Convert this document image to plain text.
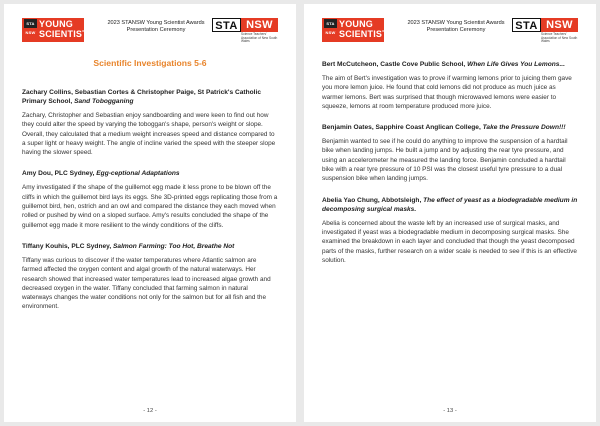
STA NSW
YOUNG
SCIENTIST
2023 STANSW Young Scientist Awards
Presentation Ceremony	STA NSW
Science Teachers' Association of New South Wales
Scientific Investigations 5-6
Zachary Collins, Sebastian Cortes & Christopher Paige, St Patrick's Catholic Primary School, Sand Tobogganing

Zachary, Christopher and Sebastian enjoy sandboarding and were keen to find out how they could alter the speed by varying the toboggan's shape, person's weight or slope. Overall, they calculated that a medium weight increases speed and distance compared to a super light or heavy weight. The angle of incline varied the speed with the steeper slope having the slower speed.

Amy Dou, PLC Sydney, Egg-ceptional Adaptations

Amy investigated if the shape of the guillemot egg made it less prone to be blown off the cliffs in which the guillemot bird lays its eggs. She 3D-printed eggs replicating those from a guillemot bird, hen, ostrich and an owl and compared the distance they each moved when rolled or pushed by wind on a sloped surface. Amy's results concluded the shape of the guillemot egg made it more resilient to the windy conditions of the cliffs.

Tiffany Kouhis, PLC Sydney, Salmon Farming: Too Hot, Breathe Not

Tiffany was curious to discover if the water temperatures where Atlantic salmon are farmed affected the oxygen content and algal growth of the natural waterways. Her research showed that increased water temperatures lead to increased algae growth and decreased oxygen in the water. Tiffany concluded that farming salmon in natural waterways changes the water conditions not only for the salmon but for all fish and the environment.

- 12 -
STA NSW
YOUNG
SCIENTIST
2023 STANSW Young Scientist Awards
Presentation Ceremony	STA NSW
Science Teachers' Association of New South Wales
Bert McCutcheon, Castle Cove Public School, When Life Gives You Lemons...

The aim of Bert's investigation was to prove if warming lemons prior to juicing them gave you more lemon juice. He found that cold lemons did not produce as much juice as warmer lemons. Bert was surprised that though microwaved lemons were easier to squeeze, lemons at room temperature produced more juice.

Benjamin Oates, Sapphire Coast Anglican College, Take the Pressure Down!!!

Benjamin wanted to see if he could do anything to improve the suspension of a hardtail bike when landing jumps. He built a jump and by adjusting the rear tyre pressure, and using an accelerometer he measured the landing force. Benjamin concluded a hardtail bike with a rear tyre pressure of 10 PSI was the closest useful tyre pressure to a dual suspension bike when landing jumps.

Abelia Yao Chung, Abbotsleigh, The effect of yeast as a biodegradable medium in decomposing surgical masks.

Abelia is concerned about the waste left by an increased use of surgical masks, and investigated if yeast was a biodegradable medium in decomposing surgical masks. She examined the breakdown in each layer and concluded that though the yeast decomposed parts of the masks, further research on a wider scale is needed to see if this is an effective solution.

- 13 -
